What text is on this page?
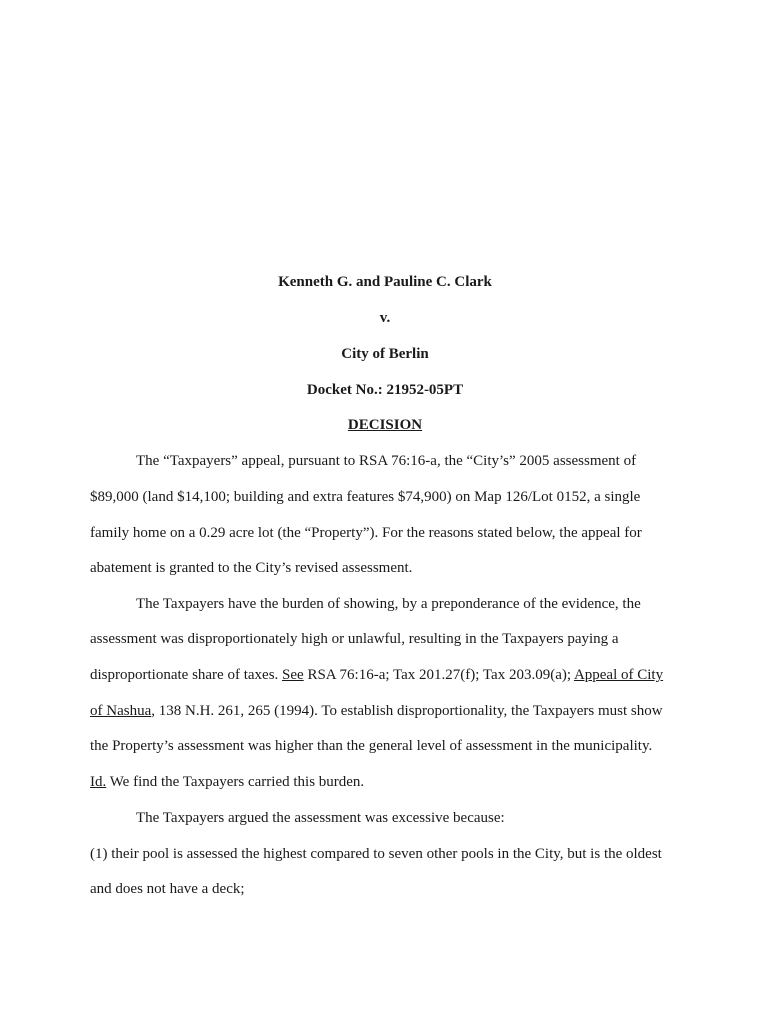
Kenneth G. and Pauline C. Clark
v.
City of Berlin
Docket No.: 21952-05PT
DECISION
The “Taxpayers” appeal, pursuant to RSA 76:16-a, the “City’s” 2005 assessment of
$89,000 (land $14,100; building and extra features $74,900) on Map 126/Lot 0152, a single
family home on a 0.29 acre lot (the “Property”). For the reasons stated below, the appeal for
abatement is granted to the City’s revised assessment.
The Taxpayers have the burden of showing, by a preponderance of the evidence, the
assessment was disproportionately high or unlawful, resulting in the Taxpayers paying a
disproportionate share of taxes. See RSA 76:16-a; Tax 201.27(f); Tax 203.09(a); Appeal of City
of Nashua, 138 N.H. 261, 265 (1994). To establish disproportionality, the Taxpayers must show
the Property’s assessment was higher than the general level of assessment in the municipality.
Id. We find the Taxpayers carried this burden.
The Taxpayers argued the assessment was excessive because:
(1) their pool is assessed the highest compared to seven other pools in the City, but is the oldest
and does not have a deck;
